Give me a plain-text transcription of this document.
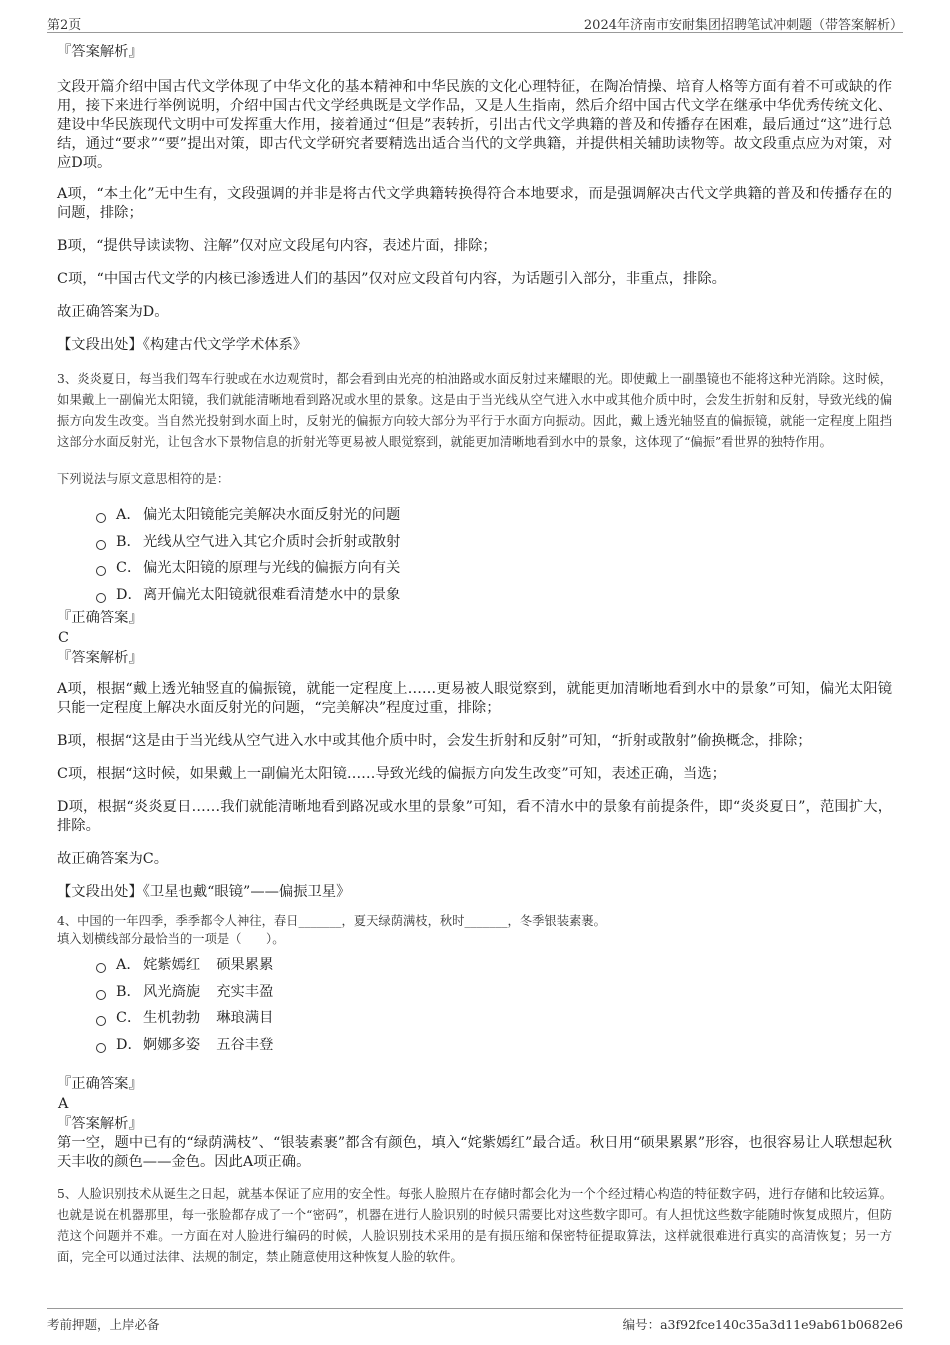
第2页	2024年济南市安耐集团招聘笔试冲刺题（带答案解析）

『答案解析』

文段开篇介绍中国古代文学体现了中华文化的基本精神和中华民族的文化心理特征，在陶冶情操、培育人格等方面有着不可或缺的作用，接下来进行举例说明，介绍中国古代文学经典既是文学作品，又是人生指南，然后介绍中国古代文学在继承中华优秀传统文化、建设中华民族现代文明中可发挥重大作用，接着通过“但是”表转折，引出古代文学典籍的普及和传播存在困难，最后通过“这”进行总结，通过“要求”“要”提出对策，即古代文学研究者要精选出适合当代的文学典籍，并提供相关辅助读物等。故文段重点应为对策，对应D项。

A项，“本土化”无中生有，文段强调的并非是将古代文学典籍转换得符合本地要求，而是强调解决古代文学典籍的普及和传播存在的问题，排除；

B项，“提供导读读物、注解”仅对应文段尾句内容，表述片面，排除；

C项，“中国古代文学的内核已渗透进人们的基因”仅对应文段首句内容，为话题引入部分，非重点，排除。

故正确答案为D。

【文段出处】《构建古代文学学术体系》

3、炎炎夏日，每当我们驾车行驶或在水边观赏时，都会看到由光亮的柏油路或水面反射过来耀眼的光。即使戴上一副墨镜也不能将这种光消除。这时候，如果戴上一副偏光太阳镜，我们就能清晰地看到路况或水里的景象。这是由于当光线从空气进入水中或其他介质中时，会发生折射和反射，导致光线的偏振方向发生改变。当自然光投射到水面上时，反射光的偏振方向较大部分为平行于水面方向振动。因此，戴上透光轴竖直的偏振镜，就能一定程度上阻挡这部分水面反射光，让包含水下景物信息的折射光等更易被人眼觉察到，就能更加清晰地看到水中的景象，这体现了“偏振”看世界的独特作用。

下列说法与原文意思相符的是：

A． 偏光太阳镜能完美解决水面反射光的问题
B． 光线从空气进入其它介质时会折射或散射
C． 偏光太阳镜的原理与光线的偏振方向有关
D． 离开偏光太阳镜就很难看清楚水中的景象

『正确答案』

C

『答案解析』

A项，根据“戴上透光轴竖直的偏振镜，就能一定程度上……更易被人眼觉察到，就能更加清晰地看到水中的景象”可知，偏光太阳镜只能一定程度上解决水面反射光的问题，“完美解决”程度过重，排除；

B项，根据“这是由于当光线从空气进入水中或其他介质中时，会发生折射和反射”可知，“折射或散射”偷换概念，排除；

C项，根据“这时候，如果戴上一副偏光太阳镜……导致光线的偏振方向发生改变”可知，表述正确，当选；

D项，根据“炎炎夏日……我们就能清晰地看到路况或水里的景象”可知，看不清水中的景象有前提条件，即“炎炎夏日”，范围扩大，排除。

故正确答案为C。

【文段出处】《卫星也戴“眼镜”——偏振卫星》

4、中国的一年四季，季季都令人神往，春日_______，夏天绿荫满枝，秋时_______，冬季银装素裹。

填入划横线部分最恰当的一项是（　　）。

A． 姹紫嫣红 硕果累累
B． 风光旖旎 充实丰盈
C． 生机勃勃 琳琅满目
D． 婀娜多姿 五谷丰登

『正确答案』

A

『答案解析』

第一空，题中已有的“绿荫满枝”、“银装素裹”都含有颜色，填入“姹紫嫣红”最合适。秋日用“硕果累累”形容，也很容易让人联想起秋天丰收的颜色——金色。因此A项正确。

5、人脸识别技术从诞生之日起，就基本保证了应用的安全性。每张人脸照片在存储时都会化为一个个经过精心构造的特征数字码，进行存储和比较运算。也就是说在机器那里，每一张脸都存成了一个“密码”，机器在进行人脸识别的时候只需要比对这些数字即可。有人担忧这些数字能随时恢复成照片，但防范这个问题并不难。一方面在对人脸进行编码的时候，人脸识别技术采用的是有损压缩和保密特征提取算法，这样就很难进行真实的高清恢复；另一方面，完全可以通过法律、法规的制定，禁止随意使用这种恢复人脸的软件。

考前押题，上岸必备	编号：a3f92fce140c35a3d11e9ab61b0682e6
